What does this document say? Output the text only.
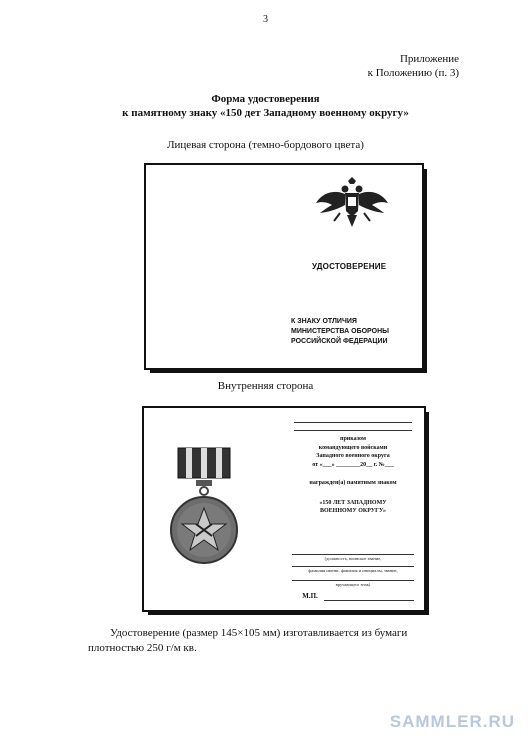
3
Приложение
к Положению (п. 3)
Форма удостоверения
к памятному знаку «150 дет Западному военному округу»
Лицевая сторона (темно-бордового цвета)
УДОСТОВЕРЕНИЕ
К ЗНАКУ ОТЛИЧИЯ
МИНИСТЕРСТВА ОБОРОНЫ
РОССИЙСКОЙ ФЕДЕРАЦИИ
Внутренняя сторона
приказом
командующего войсками
Западного военного округа
от «___» ________20__ г. №___
награжден(а) памятным знаком
«150 ЛЕТ ЗАПАДНОМУ
ВОЕННОМУ ОКРУГУ»
(должность, воинское звание,
фамилия имени, фамилия и инициалы, звание,
вручающего знак)
М.П.
Удостоверение (размер 145×105 мм) изготавливается из бумаги
плотностью 250 г/м кв.
SAMMLER.RU
